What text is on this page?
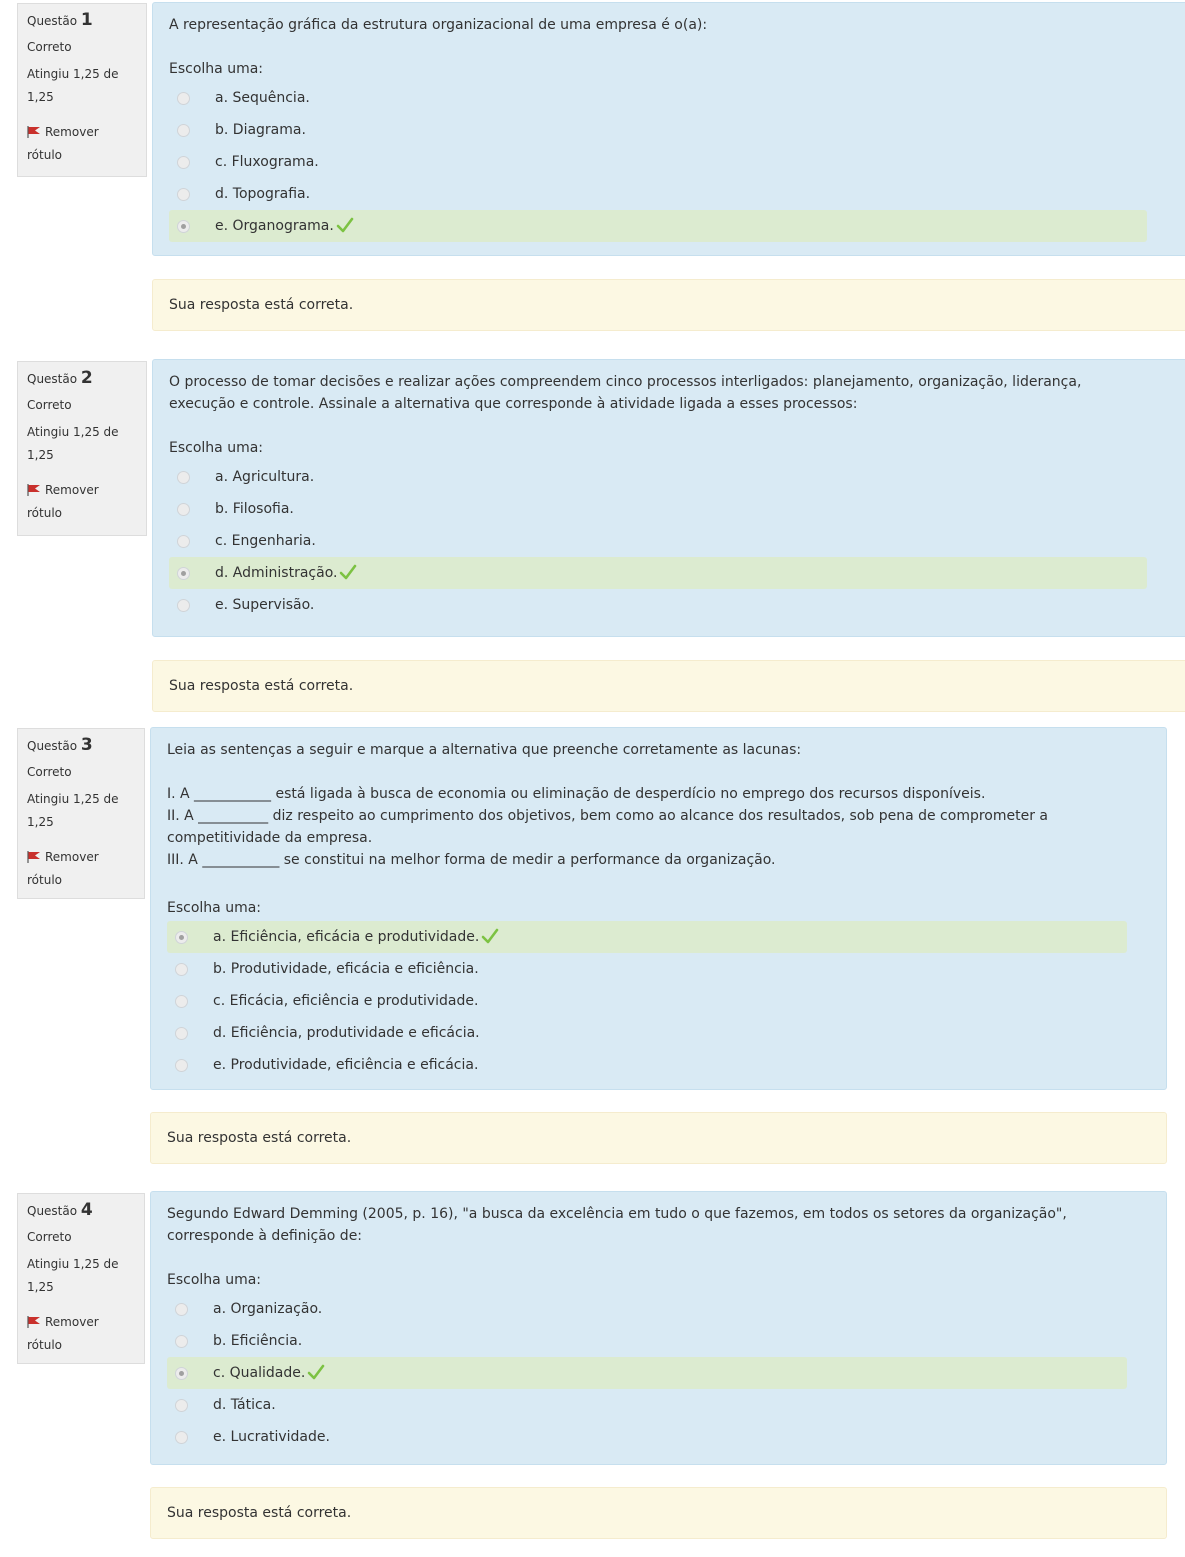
Questão 1
Correto
Atingiu 1,25 de 1,25
Remover rótulo

A representação gráfica da estrutura organizacional de uma empresa é o(a):

Escolha uma:
a. Sequência.
b. Diagrama.
c. Fluxograma.
d. Topografia.
e. Organograma.
Sua resposta está correta.
Questão 2
Correto
Atingiu 1,25 de 1,25
Remover rótulo

O processo de tomar decisões e realizar ações compreendem cinco processos interligados: planejamento, organização, liderança, execução e controle. Assinale a alternativa que corresponde à atividade ligada a esses processos:

Escolha uma:
a. Agricultura.
b. Filosofia.
c. Engenharia.
d. Administração.
e. Supervisão.
Sua resposta está correta.
Questão 3
Correto
Atingiu 1,25 de 1,25
Remover rótulo

Leia as sentenças a seguir e marque a alternativa que preenche corretamente as lacunas:

I. A ___________ está ligada à busca de economia ou eliminação de desperdício no emprego dos recursos disponíveis.

II. A __________ diz respeito ao cumprimento dos objetivos, bem como ao alcance dos resultados, sob pena de comprometer a competitividade da empresa.

III. A ___________ se constitui na melhor forma de medir a performance da organização.

Escolha uma:
a. Eficiência, eficácia e produtividade.
b. Produtividade, eficácia e eficiência.
c. Eficácia, eficiência e produtividade.
d. Eficiência, produtividade e eficácia.
e. Produtividade, eficiência e eficácia.
Sua resposta está correta.
Questão 4
Correto
Atingiu 1,25 de 1,25
Remover rótulo

Segundo Edward Demming (2005, p. 16), "a busca da excelência em tudo o que fazemos, em todos os setores da organização", corresponde à definição de:

Escolha uma:
a. Organização.
b. Eficiência.
c. Qualidade.
d. Tática.
e. Lucratividade.
Sua resposta está correta.
